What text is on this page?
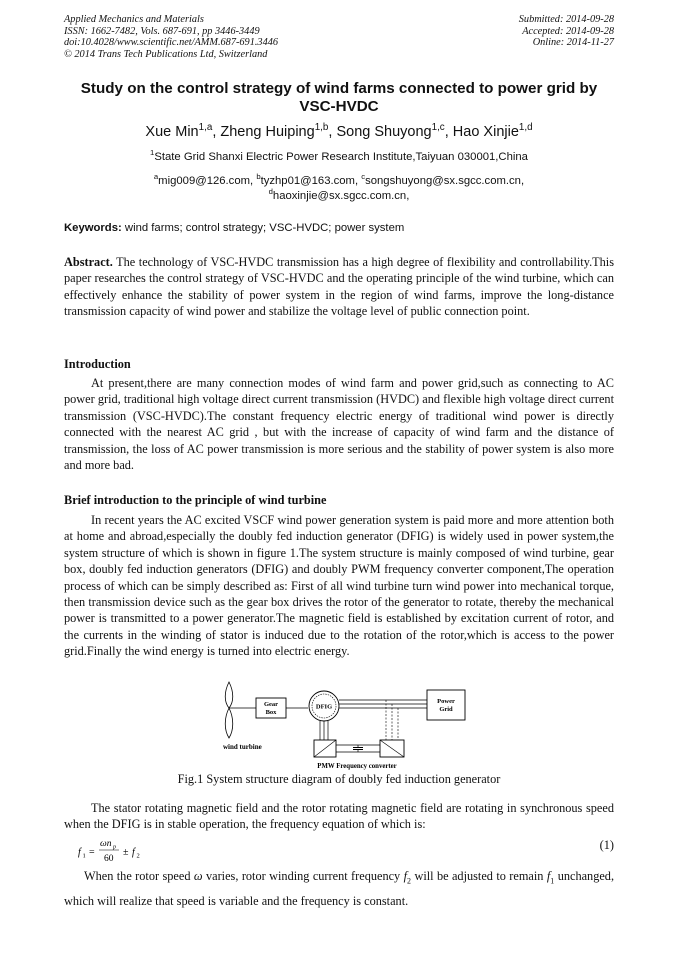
Applied Mechanics and Materials
ISSN: 1662-7482, Vols. 687-691, pp 3446-3449
doi:10.4028/www.scientific.net/AMM.687-691.3446
© 2014 Trans Tech Publications Ltd, Switzerland
Submitted: 2014-09-28
Accepted: 2014-09-28
Online: 2014-11-27
Study on the control strategy of wind farms connected to power grid by VSC-HVDC
Xue Min$^{1,a}$, Zheng Huiping$^{1,b}$, Song Shuyong$^{1,c}$, Hao Xinjie$^{1,d}$
$^1$State Grid Shanxi Electric Power Research Institute,Taiyuan 030001,China
$^a$mig009@126.com, $^b$tyzhp01@163.com, $^c$songshuyong@sx.sgcc.com.cn,
$^d$haoxinjie@sx.sgcc.com.cn,
Keywords: wind farms; control strategy; VSC-HVDC; power system

Abstract. The technology of VSC-HVDC transmission has a high degree of flexibility and controllability.This paper researches the control strategy of VSC-HVDC and the operating principle of the wind turbine, which can effectively enhance the stability of power system in the region of wind farms, improve the long-distance transmission capacity of wind power and stabilize the voltage level of public connection point.

Introduction

At present,there are many connection modes of wind farm and power grid,such as connecting to AC power grid, traditional high voltage direct current transmission (HVDC) and flexible high voltage direct current transmission (VSC-HVDC).The constant frequency electric energy of traditional wind power is directly connected with the nearest AC grid , but with the increase of capacity of wind farm and the distance of transmission, the loss of AC power transmission is more serious and the stability of power system is also more and more bad.

Brief introduction to the principle of wind turbine

In recent years the AC excited VSCF wind power generation system is paid more and more attention both at home and abroad,especially the doubly fed induction generator (DFIG) is widely used in power system,the system structure of which is shown in figure 1.The system structure is mainly composed of wind turbine, gear box, doubly fed induction generators (DFIG) and doubly PWM frequency converter component,The operation process of which can be simply described as: First of all wind turbine turn wind power into mechanical torque, then transmission device such as the gear box drives the rotor of the generator to rotate, thereby the mechanical power is transmitted to a power generator.The magnetic field is established by excitation current of rotor, and the currents in the winding of stator is induced due to the rotation of the rotor,which is access to the power grid.Finally the wind energy is turned into electric energy.

Gear
Box
DFIG
Power
Grid
wind turbine
PMW Frequency converter
Fig.1 System structure diagram of doubly fed induction generator

The stator rotating magnetic field and the rotor rotating magnetic field are rotating in synchronous speed when the DFIG is in stable operation, the frequency equation of which is:

f 1 =
ωn p
60
± f 2
(1)

When the rotor speed ω varies, rotor winding current frequency $f_2$ will be adjusted to remain $f_1$ unchanged, which will realize that speed is variable and the frequency is constant.
